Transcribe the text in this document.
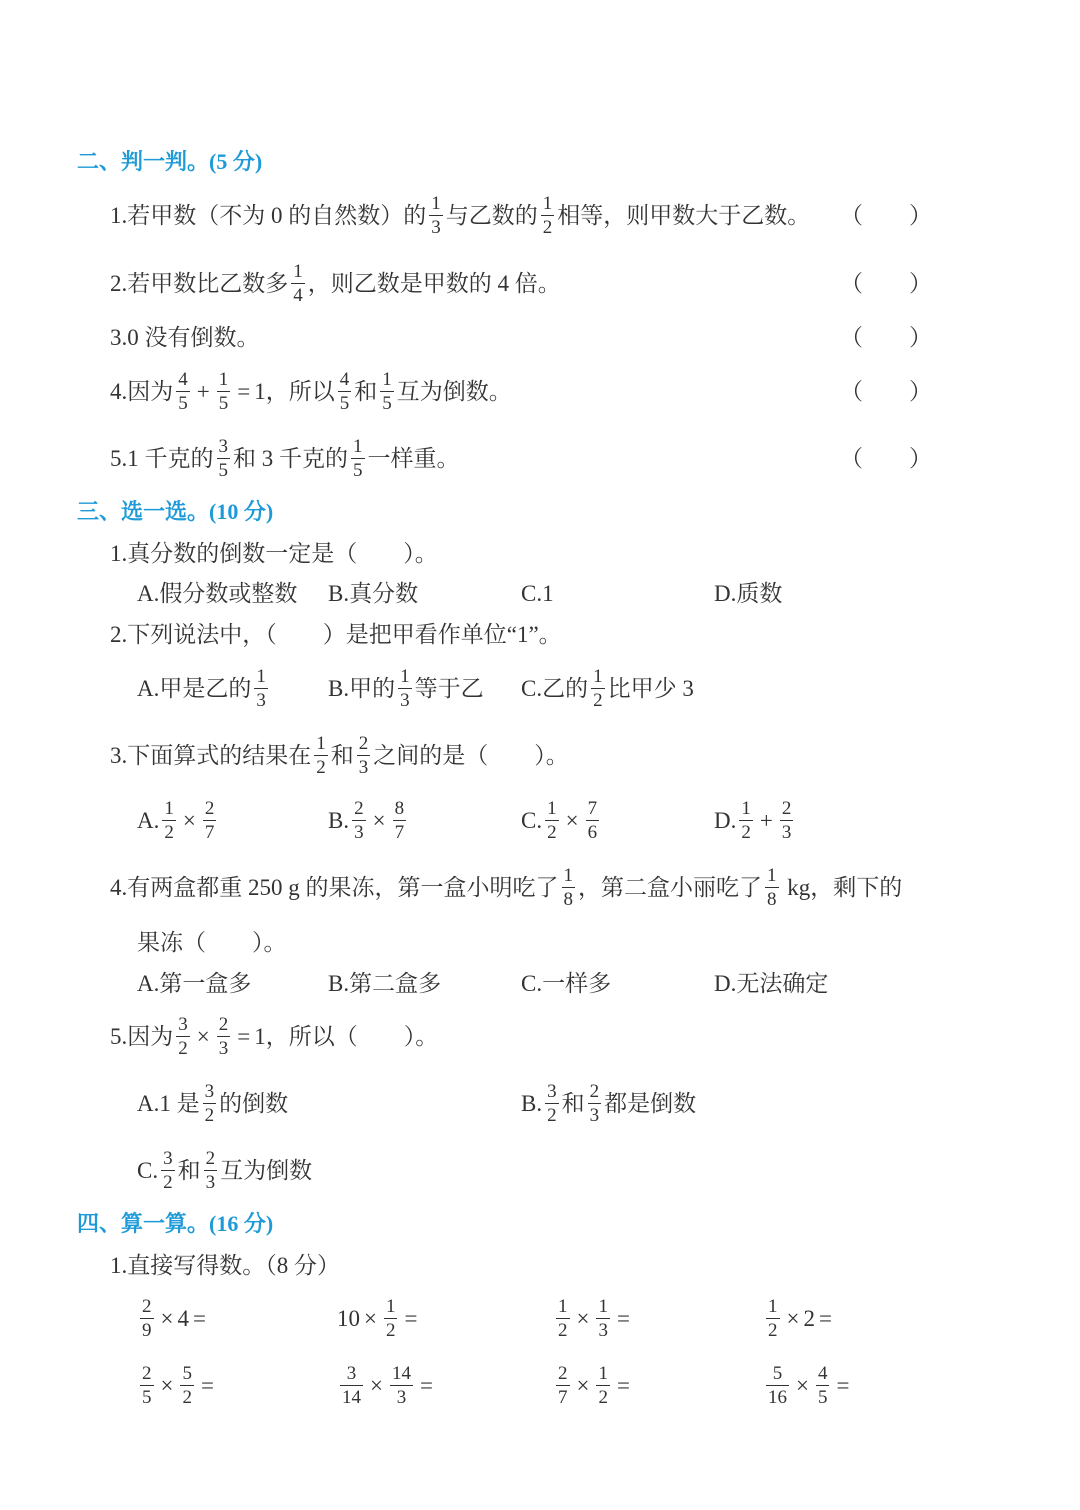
二、判一判。(5 分)
1.若甲数（不为 0 的自然数）的 $\frac{1}{3}$ 与乙数的 $\frac{1}{2}$ 相等，则甲数大于乙数。 （　　）
2.若甲数比乙数多 $\frac{1}{4}$ ，则乙数是甲数的 4 倍。	（　　）
3.0 没有倒数。	（　　）
4.因为 $\frac{4}{5} + \frac{1}{5} = 1$，所以 $\frac{4}{5}$ 和 $\frac{1}{5}$ 互为倒数。	（　　）
5.1 千克的 $\frac{3}{5}$ 和 3 千克的 $\frac{1}{5}$ 一样重。	（　　）
三、选一选。(10 分)
1.真分数的倒数一定是（　　）。
A.假分数或整数 B.真分数	C.1	D.质数
2.下列说法中，（　　）是把甲看作单位“1”。
A.甲是乙的 $\frac{1}{3}$	B.甲的 $\frac{1}{3}$ 等于乙 C.乙的 $\frac{1}{2}$ 比甲少 3
3.下面算式的结果在 $\frac{1}{2}$ 和 $\frac{2}{3}$ 之间的是（　　）。
A. $\frac{1}{2} \times \frac{2}{7}$	B. $\frac{2}{3} \times \frac{8}{7}$	C. $\frac{1}{2} \times \frac{7}{6}$	D. $\frac{1}{2} + \frac{2}{3}$
4.有两盒都重 250 g 的果冻，第一盒小明吃了 $\frac{1}{8}$ ，第二盒小丽吃了 $\frac{1}{8}$ kg，剩下的
果冻（　　）。
A.第一盒多	B.第二盒多	C.一样多	D.无法确定
5.因为 $\frac{3}{2} \times \frac{2}{3} = 1$，所以（　　）。
A.1 是 $\frac{3}{2}$ 的倒数	B. $\frac{3}{2}$ 和 $\frac{2}{3}$ 都是倒数
C. $\frac{3}{2}$ 和 $\frac{2}{3}$ 互为倒数
四、算一算。(16 分)
1.直接写得数。（8 分）
$\frac{2}{9} \times 4$ =	$10 \times \frac{1}{2}$ =	$\frac{1}{2} \times \frac{1}{3}$ =	$\frac{1}{2} \times 2$ =
$\frac{2}{5} \times \frac{5}{2}$ =	$\frac{3}{14} \times \frac{14}{3}$ =	$\frac{2}{7} \times \frac{1}{2}$ =	$\frac{5}{16} \times \frac{4}{5}$ =
